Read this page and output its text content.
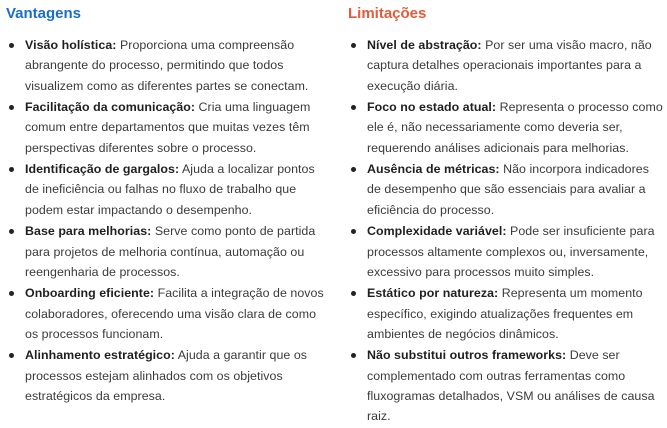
Vantagens
Visão holística: Proporciona uma compreensão abrangente do processo, permitindo que todos visualizem como as diferentes partes se conectam.
Facilitação da comunicação: Cria uma linguagem comum entre departamentos que muitas vezes têm perspectivas diferentes sobre o processo.
Identificação de gargalos: Ajuda a localizar pontos de ineficiência ou falhas no fluxo de trabalho que podem estar impactando o desempenho.
Base para melhorias: Serve como ponto de partida para projetos de melhoria contínua, automação ou reengenharia de processos.
Onboarding eficiente: Facilita a integração de novos colaboradores, oferecendo uma visão clara de como os processos funcionam.
Alinhamento estratégico: Ajuda a garantir que os processos estejam alinhados com os objetivos estratégicos da empresa.
Limitações
Nível de abstração: Por ser uma visão macro, não captura detalhes operacionais importantes para a execução diária.
Foco no estado atual: Representa o processo como ele é, não necessariamente como deveria ser, requerendo análises adicionais para melhorias.
Ausência de métricas: Não incorpora indicadores de desempenho que são essenciais para avaliar a eficiência do processo.
Complexidade variável: Pode ser insuficiente para processos altamente complexos ou, inversamente, excessivo para processos muito simples.
Estático por natureza: Representa um momento específico, exigindo atualizações frequentes em ambientes de negócios dinâmicos.
Não substitui outros frameworks: Deve ser complementado com outras ferramentas como fluxogramas detalhados, VSM ou análises de causa raiz.
